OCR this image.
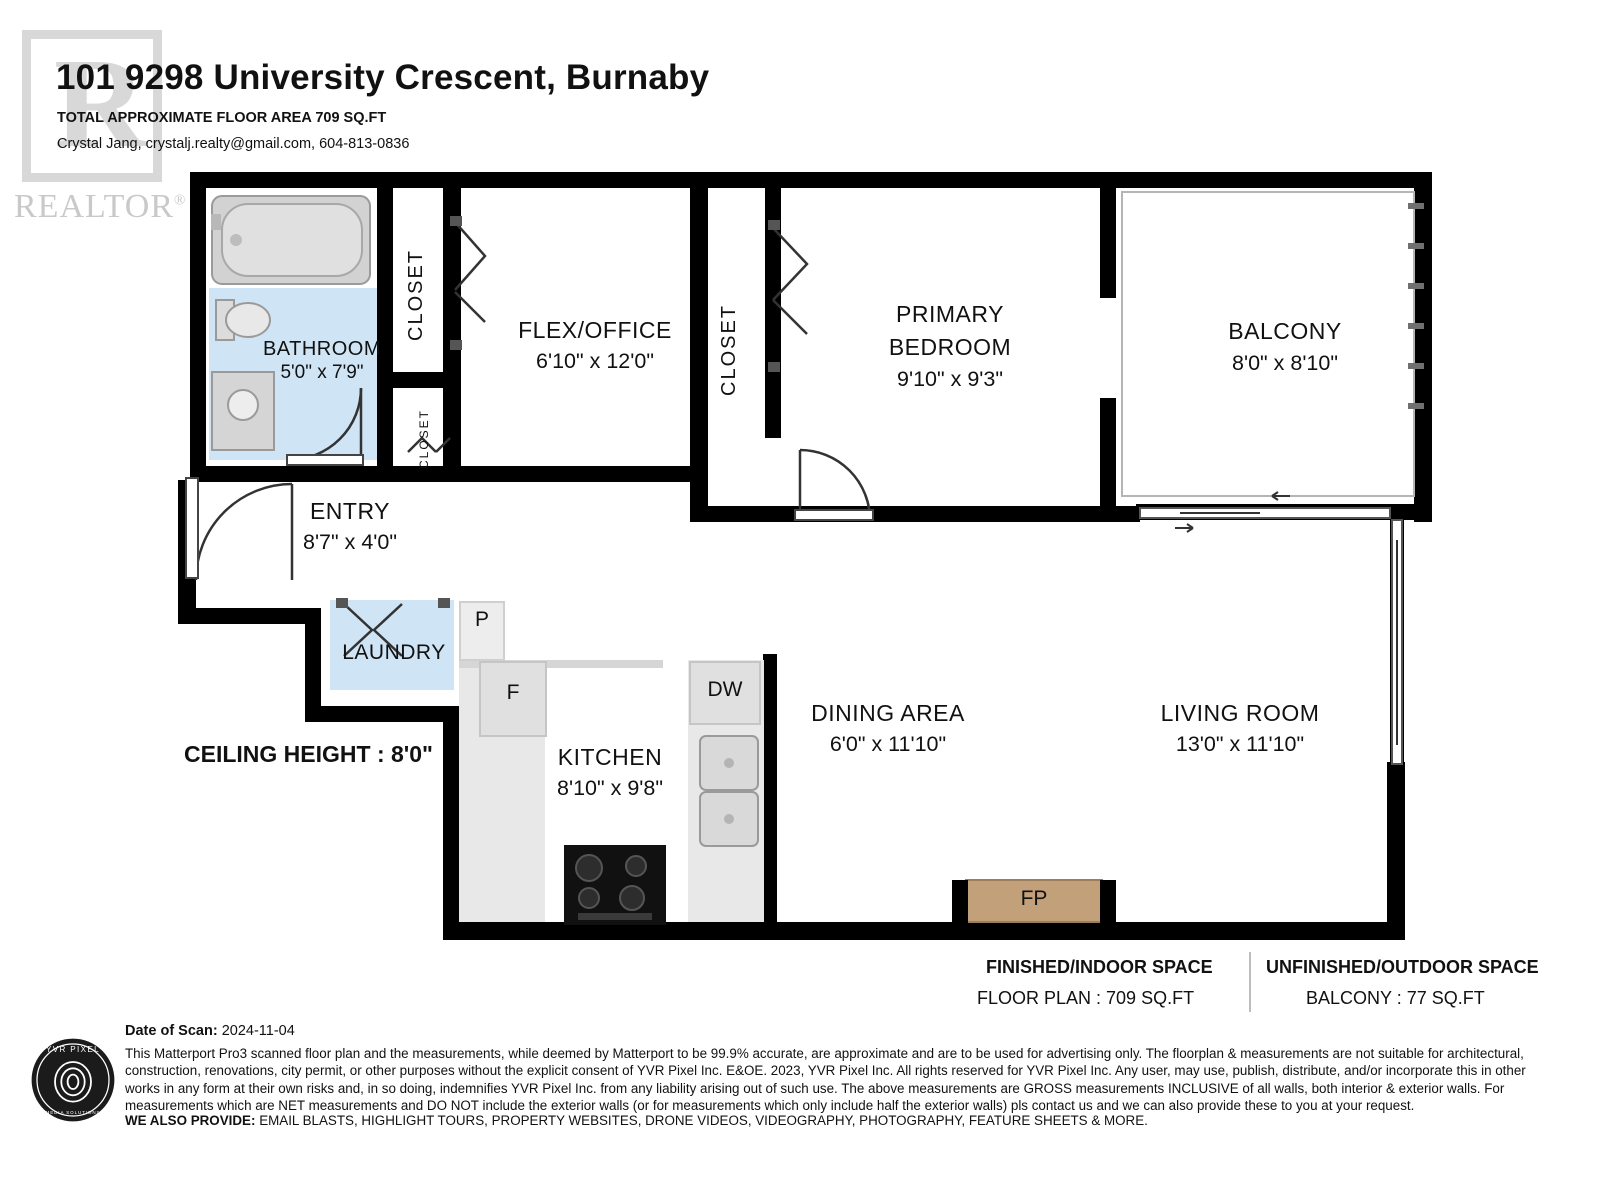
R
REALTOR®
101 9298 University Crescent, Burnaby
TOTAL APPROXIMATE FLOOR AREA 709 SQ.FT
Crystal Jang, crystalj.realty@gmail.com, 604-813-0836
BATHROOM
5'0" x 7'9"
FLEX/OFFICE
6'10" x 12'0"
PRIMARY
BEDROOM
9'10" x 9'3"
BALCONY
8'0" x 8'10"
ENTRY
8'7" x 4'0"
LAUNDRY
KITCHEN
8'10" x 9'8"
DINING AREA
6'0" x 11'10"
LIVING ROOM
13'0" x 11'10"
CLOSET
CLOSET
CLOSET
P
F	DW
FP
CEILING HEIGHT : 8'0"
FINISHED/INDOOR SPACE
FLOOR PLAN : 709 SQ.FT
UNFINISHED/OUTDOOR SPACE
BALCONY : 77 SQ.FT
YVR PIXEL
MEDIA SOLUTIONS
Date of Scan: 2024-11-04
This Matterport Pro3 scanned floor plan and the measurements, while deemed by Matterport to be 99.9% accurate, are approximate and are to be used for advertising only. The floorplan & measurements are not suitable for architectural, construction, renovations, city permit, or other purposes without the explicit consent of YVR Pixel Inc. E&OE. 2023, YVR Pixel Inc. All rights reserved for YVR Pixel Inc. Any user, may use, publish, distribute, and/or incorporate this in other works in any form at their own risks and, in so doing, indemnifies YVR Pixel Inc. from any liability arising out of such use. The above measurements are GROSS measurements INCLUSIVE of all walls, both interior & exterior walls. For measurements which are NET measurements and DO NOT include the exterior walls (or for measurements which only include half the exterior walls) pls contact us and we can also provide these to you at your request.
WE ALSO PROVIDE: EMAIL BLASTS, HIGHLIGHT TOURS, PROPERTY WEBSITES, DRONE VIDEOS, VIDEOGRAPHY, PHOTOGRAPHY, FEATURE SHEETS & MORE.
